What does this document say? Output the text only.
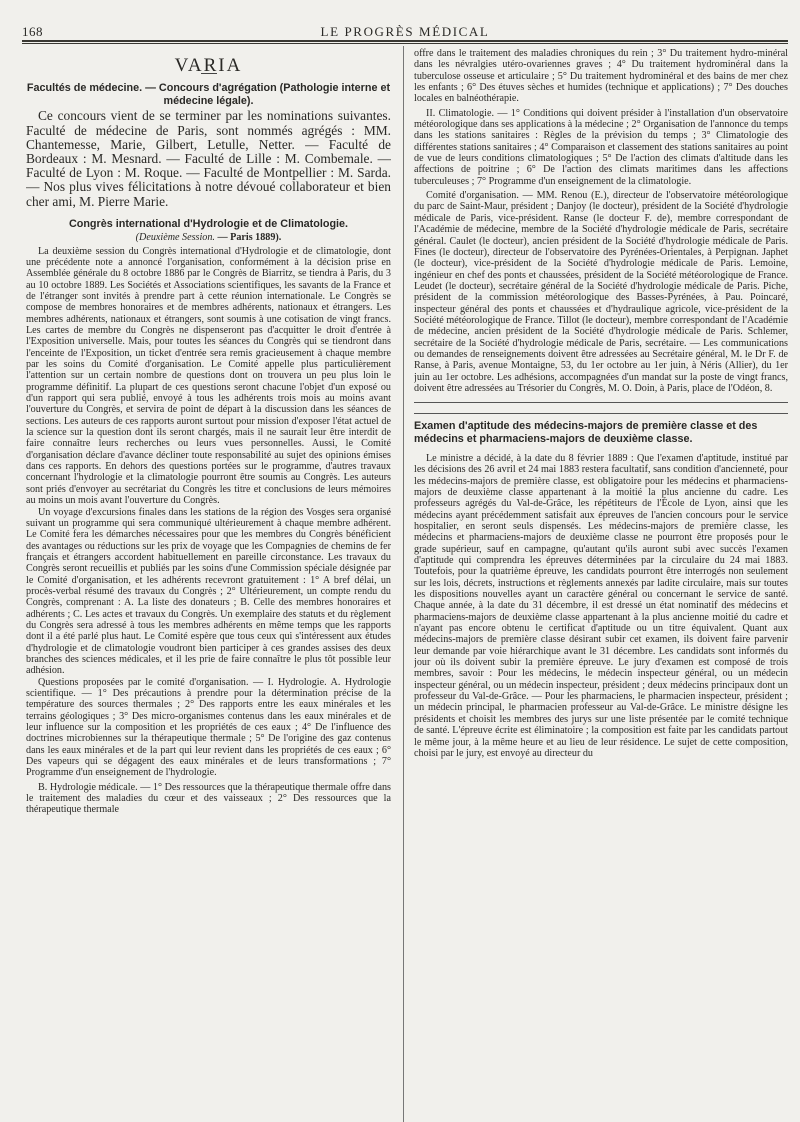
168	LE PROGRÈS MÉDICAL
VARIA
Facultés de médecine. — Concours d'agrégation (Pathologie interne et médecine légale).

Ce concours vient de se terminer par les nominations suivantes. Faculté de médecine de Paris, sont nommés agrégés : MM. Chantemesse, Marie, Gilbert, Letulle, Netter. — Faculté de Bordeaux : M. Mesnard. — Faculté de Lille : M. Combemale. — Faculté de Lyon : M. Roque. — Faculté de Montpellier : M. Sarda. — Nos plus vives félicitations à notre dévoué collaborateur et bien cher ami, M. Pierre Marie.

Congrès international d'Hydrologie et de Climatologie.
(Deuxième Session. — Paris 1889).

La deuxième session du Congrès international d'Hydrologie et de climatologie, dont une précédente note a annoncé l'organisation, conformément à la décision prise en Assemblée générale du 8 octobre 1886 par le Congrès de Biarritz, se tiendra à Paris, du 3 au 10 octobre 1889. Les Sociétés et Associations scientifiques, les savants de la France et de l'étranger sont invités à prendre part à cette réunion internationale. Le Congrès se compose de membres honoraires et de membres adhérents, nationaux et étrangers. Les membres adhérents, nationaux et étrangers, sont soumis à une cotisation de vingt francs. Les cartes de membre du Congrès ne dispenseront pas d'acquitter le droit d'entrée à l'Exposition universelle. Mais, pour toutes les séances du Congrès qui se tiendront dans l'enceinte de l'Exposition, un ticket d'entrée sera remis gracieusement à chaque membre par les soins du Comité d'organisation. Le Comité appelle plus particulièrement l'attention sur un certain nombre de questions dont on trouvera un peu plus loin le programme définitif. La plupart de ces questions seront chacune l'objet d'un exposé ou d'un rapport qui sera publié, envoyé à tous les adhérents trois mois au moins avant l'ouverture du Congrès, et servira de point de départ à la discussion dans les séances de sections. Les auteurs de ces rapports auront surtout pour mission d'exposer l'état actuel de la science sur la question dont ils seront chargés, mais il ne saurait leur être interdit de faire connaître leurs recherches ou leurs vues personnelles. Aussi, le Comité d'organisation déclare d'avance décliner toute responsabilité au sujet des opinions émises dans ces rapports. En dehors des questions portées sur le programme, d'autres travaux concernant l'hydrologie et la climatologie pourront être soumis au Congrès. Les auteurs sont priés d'envoyer au secrétariat du Congrès les titre et conclusions de leurs mémoires au moins un mois avant l'ouverture du Congrès.

Un voyage d'excursions finales dans les stations de la région des Vosges sera organisé suivant un programme qui sera communiqué ultérieurement à chaque membre adhérent. Le Comité fera les démarches nécessaires pour que les membres du Congrès bénéficient des avantages ou réductions sur les prix de voyage que les Compagnies de chemins de fer français et étrangers accordent habituellement en pareille circonstance. Les travaux du Congrès seront recueillis et publiés par les soins d'une Commission spéciale désignée par le Comité d'organisation, et les adhérents recevront gratuitement : 1° A bref délai, un procès-verbal résumé des travaux du Congrès ; 2° Ultérieurement, un compte rendu du Congrès, comprenant : A. La liste des donateurs ; B. Celle des membres honoraires et adhérents ; C. Les actes et travaux du Congrès. Un exemplaire des statuts et du règlement du Congrès sera adressé à tous les membres adhérents en même temps que les rapports dont il a été parlé plus haut. Le Comité espère que tous ceux qui s'intéressent aux études d'hydrologie et de climatologie voudront bien participer à ces grandes assises des deux branches des sciences médicales, et il les prie de faire connaître le plus tôt possible leur adhésion.

Questions proposées par le comité d'organisation. — I. Hydrologie. A. Hydrologie scientifique. — 1° Des précautions à prendre pour la détermination précise de la température des sources thermales ; 2° Des rapports entre les eaux minérales et les terrains géologiques ; 3° Des micro-organismes contenus dans les eaux minérales et de leur influence sur la composition et les propriétés de ces eaux ; 4° De l'influence des doctrines microbiennes sur la thérapeutique thermale ; 5° De l'origine des gaz contenus dans les eaux minérales et de la part qui leur revient dans les propriétés de ces eaux ; 6° Des vapeurs qui se dégagent des eaux minérales et de leurs transformations ; 7° Programme d'un enseignement de l'hydrologie.

B. Hydrologie médicale. — 1° Des ressources que la thérapeutique thermale offre dans le traitement des maladies du cœur et des vaisseaux ; 2° Des ressources que la thérapeutique thermale

offre dans le traitement des maladies chroniques du rein ; 3° Du traitement hydro-minéral dans les névralgies utéro-ovariennes graves ; 4° Du traitement hydrominéral dans la tuberculose osseuse et articulaire ; 5° Du traitement hydrominéral et des bains de mer chez les enfants ; 6° Des étuves sèches et humides (technique et applications) ; 7° Des douches locales en balnéothérapie.

II. Climatologie. — 1° Conditions qui doivent présider à l'installation d'un observatoire météorologique dans ses applications à la médecine ; 2° Organisation de l'annonce du temps dans les stations sanitaires : Règles de la prévision du temps ; 3° Climatologie des différentes stations sanitaires ; 4° Comparaison et classement des stations sanitaires au point de vue de leurs conditions climatologiques ; 5° De l'action des climats d'altitude dans les affections de poitrine ; 6° De l'action des climats maritimes dans les affections tuberculeuses ; 7° Programme d'un enseignement de la climatologie.

Comité d'organisation. — MM. Renou (E.), directeur de l'observatoire météorologique du parc de Saint-Maur, président ; Danjoy (le docteur), président de la Société d'hydrologie médicale de Paris, vice-président. Ranse (le docteur F. de), membre correspondant de l'Académie de médecine, membre de la Société d'hydrologie médicale de Paris, secrétaire général. Caulet (le docteur), ancien président de la Société d'hydrologie médicale de Paris. Fines (le docteur), directeur de l'observatoire des Pyrénées-Orientales, à Perpignan. Japhet (le docteur), vice-président de la Société d'hydrologie médicale de Paris. Lemoine, ingénieur en chef des ponts et chaussées, président de la Société météorologique de France. Leudet (le docteur), secrétaire général de la Société d'hydrologie médicale de Paris. Piche, président de la commission météorologique des Basses-Pyrénées, à Pau. Poincaré, inspecteur général des ponts et chaussées et d'hydraulique agricole, vice-président de la Société météorologique de France. Tillot (le docteur), membre correspondant de l'Académie de médecine, ancien président de la Société d'hydrologie médicale de Paris. Schlemer, secrétaire de la Société d'hydrologie médicale de Paris, secrétaire. — Les communications ou demandes de renseignements doivent être adressées au Secrétaire général, M. le Dr F. de Ranse, à Paris, avenue Montaigne, 53, du 1er octobre au 1er juin, à Néris (Allier), du 1er juin au 1er octobre. Les adhésions, accompagnées d'un mandat sur la poste de vingt francs, doivent être adressées au Trésorier du Congrès, M. O. Doin, à Paris, place de l'Odéon, 8.

Examen d'aptitude des médecins-majors de première classe et des médecins et pharmaciens-majors de deuxième classe.

Le ministre a décidé, à la date du 8 février 1889 : Que l'examen d'aptitude, institué par les décisions des 26 avril et 24 mai 1883 restera facultatif, sans condition d'ancienneté, pour les médecins-majors de première classe, est obligatoire pour les médecins et pharmaciens-majors de deuxième classe appartenant à la moitié la plus ancienne du cadre. Les professeurs agrégés du Val-de-Grâce, les répétiteurs de l'École de Lyon, ainsi que les médecins ayant précédemment satisfait aux épreuves de l'ancien concours pour le service hospitalier, en seront seuls dispensés. Les médecins-majors de première classe, les médecins et pharmaciens-majors de deuxième classe ne pourront être proposés pour le grade supérieur, sauf en campagne, qu'autant qu'ils auront subi avec succès l'examen d'aptitude qui comprendra les épreuves déterminées par la circulaire du 24 mai 1883. Toutefois, pour la quatrième épreuve, les candidats pourront être interrogés non seulement sur les lois, décrets, instructions et règlements annexés par ladite circulaire, mais sur toutes les dispositions nouvelles ayant un caractère général ou concernant le service de santé. Chaque année, à la date du 31 décembre, il est dressé un état nominatif des médecins et pharmaciens-majors de deuxième classe appartenant à la plus ancienne moitié du cadre et n'ayant pas encore obtenu le certificat d'aptitude ou un titre équivalent. Quant aux médecins-majors de première classe désirant subir cet examen, ils doivent faire parvenir leur demande par voie hiérarchique avant le 31 décembre. Les candidats sont informés du jour où ils doivent subir la première épreuve. Le jury d'examen est composé de trois membres, savoir : Pour les médecins, le médecin inspecteur général, ou un médecin inspecteur général, ou un médecin inspecteur, président ; deux médecins principaux dont un professeur du Val-de-Grâce. — Pour les pharmaciens, le pharmacien inspecteur, président ; un médecin principal, le pharmacien professeur au Val-de-Grâce. Le ministre désigne les présidents et choisit les membres des jurys sur une liste présentée par le comité technique de santé. L'épreuve écrite est éliminatoire ; la composition est faite par les candidats partout le même jour, à la même heure et au lieu de leur résidence. Le sujet de cette composition, choisi par le jury, est envoyé au directeur du
